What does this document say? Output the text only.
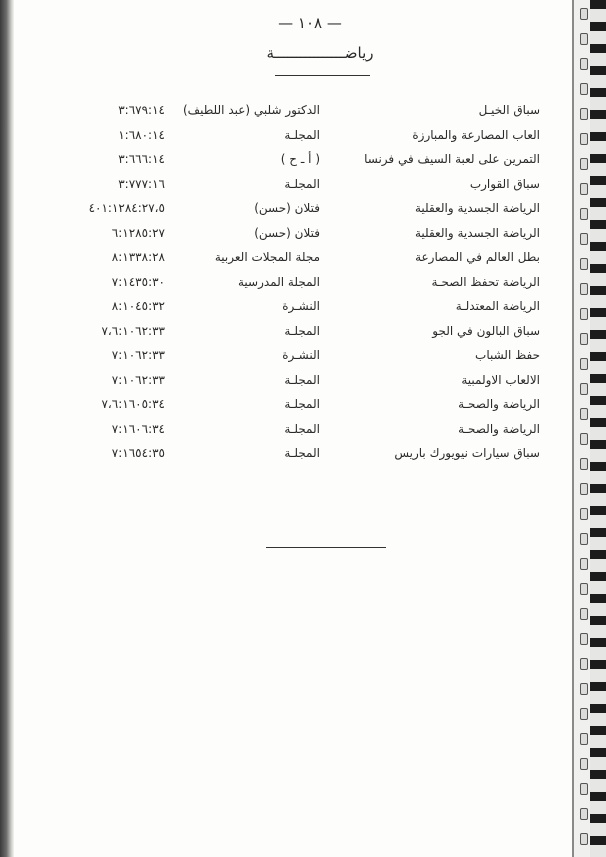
— ١٠٨ —
رياضــــــــــــــــة
سباق الخيـل
الدكتور شلبي (عبد اللطيف)
٣:٦٧٩:١٤
العاب المصارعة والمبارزة
المجلـة
١:٦٨٠:١٤
التمرين على لعبة السيف في فرنسا
( أ ـ ح )
٣:٦٦٦:١٤
سباق القوارب
المجلـة
٣:٧٧٧:١٦
الرياضة الجسدية والعقلية
فتلان (حسن)
٤٠١:١٢٨٤:٢٧،٥
الرياضة الجسدية والعقلية
فتلان (حسن)
٦:١٢٨٥:٢٧
بطل العالم في المصارعة
مجلة المجلات العربية
٨:١٣٣٨:٢٨
الرياضة تحفظ الصحـة
المجلة المدرسية
٧:١٤٣٥:٣٠
الرياضة المعتدلـة
النشـرة
٨:١٠٤٥:٣٢
سباق البالون في الجو
المجلـة
٧،٦:١٠٦٢:٣٣
حفظ الشباب
النشـرة
٧:١٠٦٢:٣٣
الالعاب الاولمبية
المجلـة
٧:١٠٦٢:٣٣
الرياضة والصحـة
المجلـة
٧،٦:١٦٠٥:٣٤
الرياضة والصحـة
المجلـة
٧:١٦٠٦:٣٤
سباق سيارات نيويورك باريس
المجلـة
٧:١٦٥٤:٣٥
